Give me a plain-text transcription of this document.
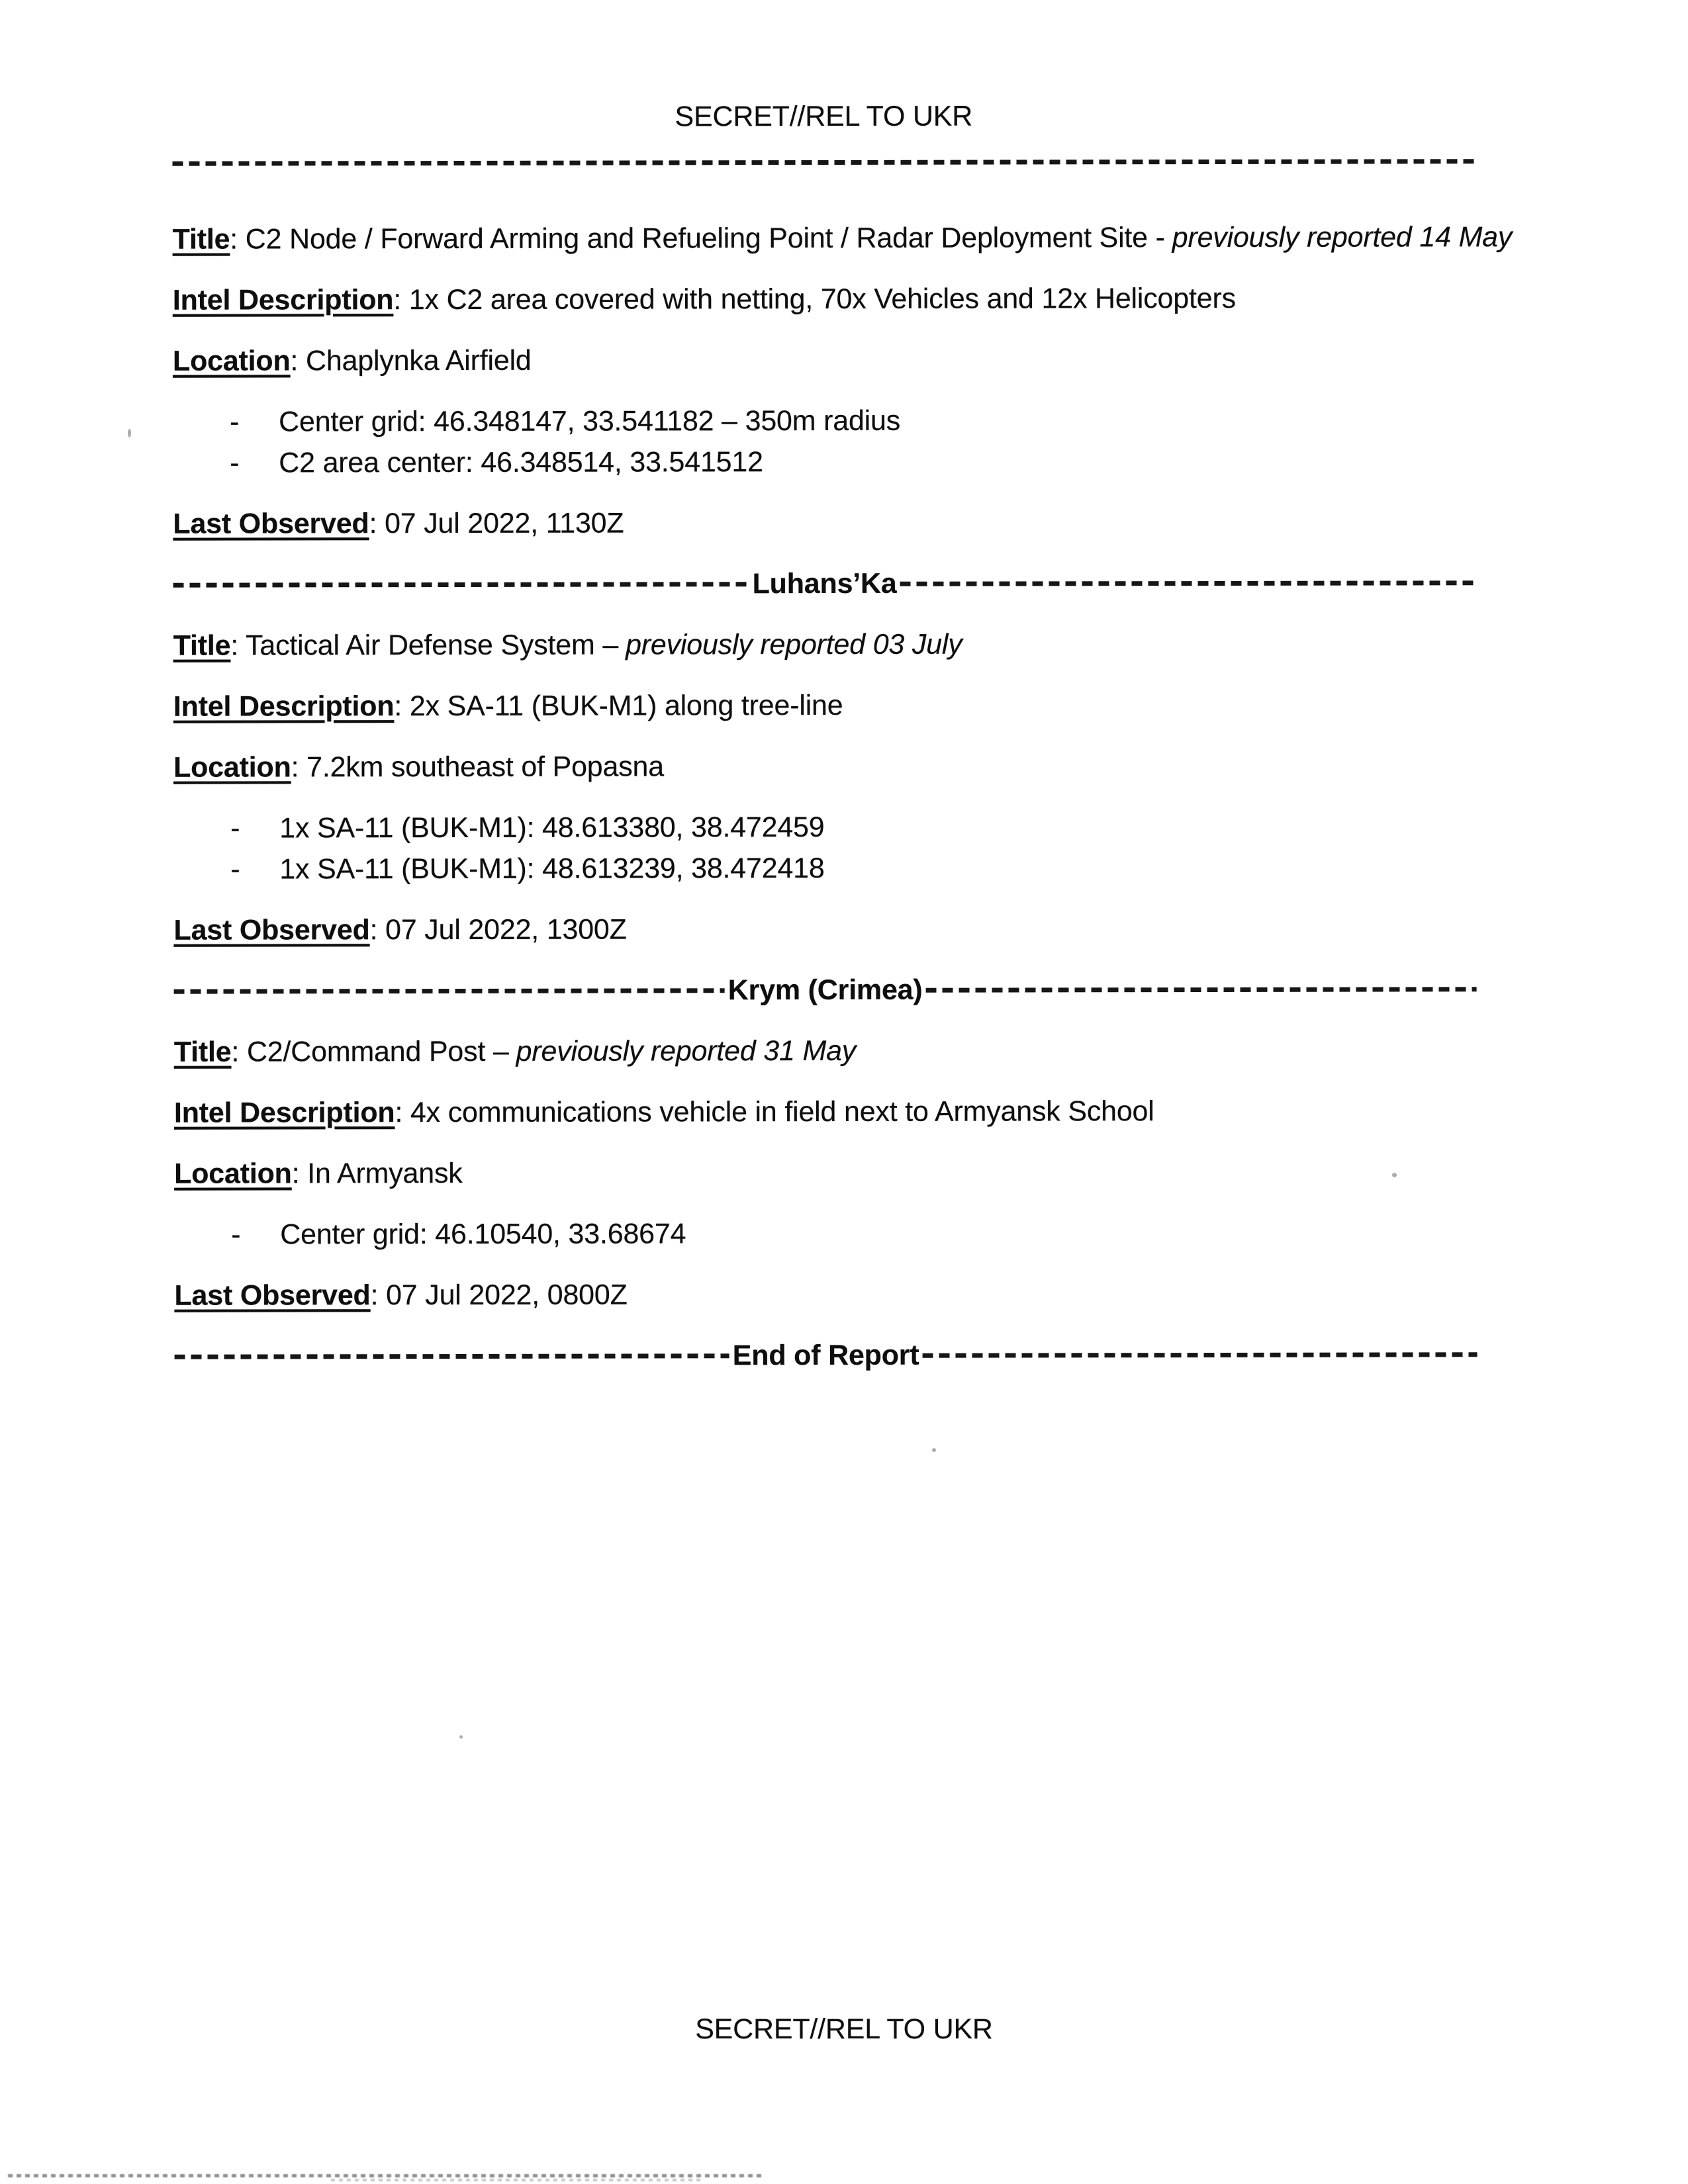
SECRET//REL TO UKR

Title: C2 Node / Forward Arming and Refueling Point / Radar Deployment Site - previously reported 14 May

Intel Description: 1x C2 area covered with netting, 70x Vehicles and 12x Helicopters

Location: Chaplynka Airfield

- Center grid: 46.348147, 33.541182 – 350m radius
- C2 area center: 46.348514, 33.541512

Last Observed: 07 Jul 2022, 1130Z

Luhans’Ka

Title: Tactical Air Defense System – previously reported 03 July

Intel Description: 2x SA-11 (BUK-M1) along tree-line

Location: 7.2km southeast of Popasna

- 1x SA-11 (BUK-M1): 48.613380, 38.472459
- 1x SA-11 (BUK-M1): 48.613239, 38.472418

Last Observed: 07 Jul 2022, 1300Z

Krym (Crimea)

Title: C2/Command Post – previously reported 31 May

Intel Description: 4x communications vehicle in field next to Armyansk School

Location: In Armyansk

- Center grid: 46.10540, 33.68674

Last Observed: 07 Jul 2022, 0800Z

End of Report

SECRET//REL TO UKR
